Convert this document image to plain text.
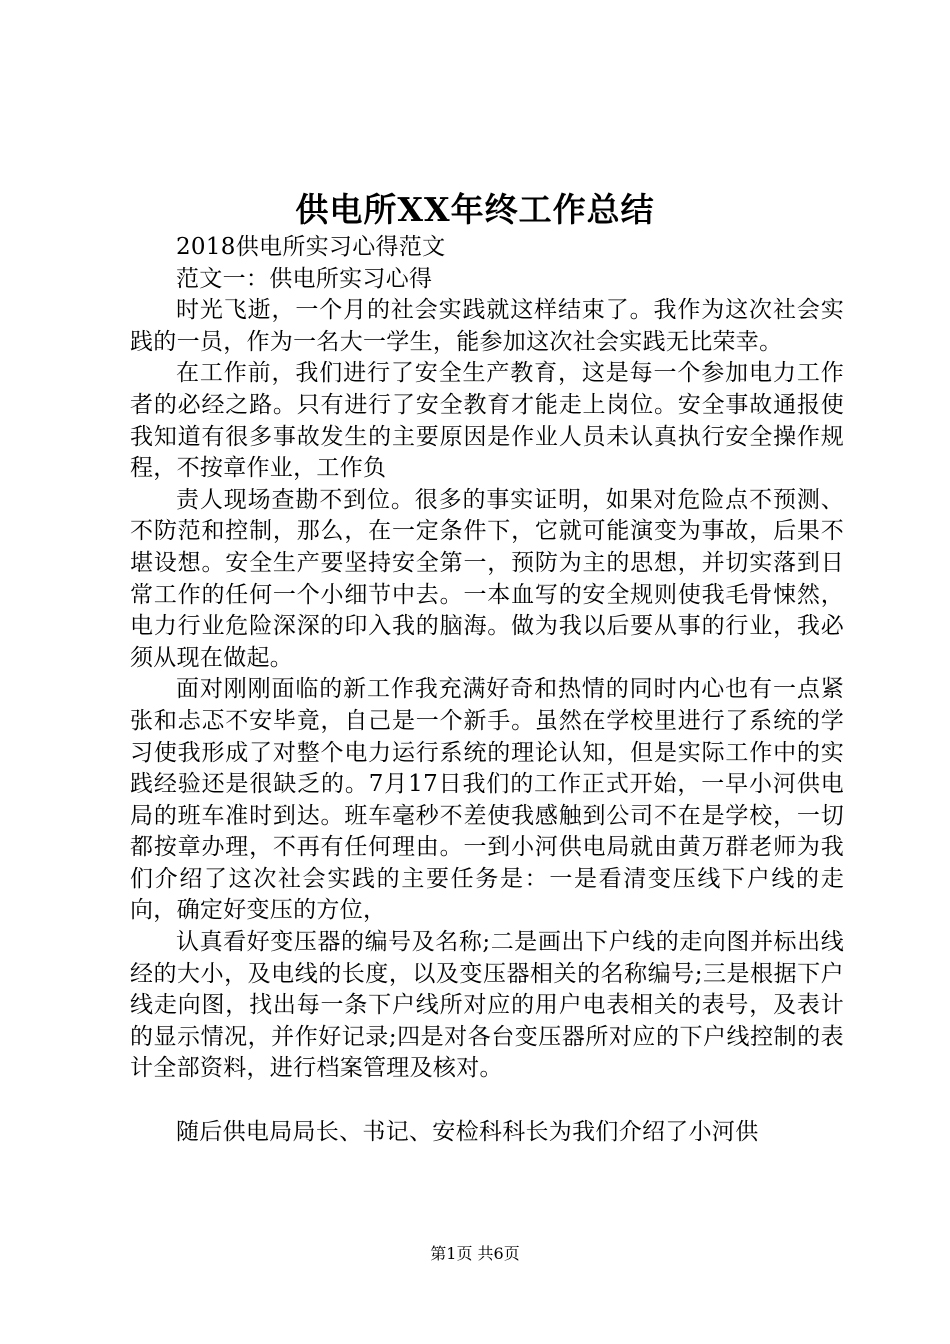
供电所XX年终工作总结

2018供电所实习心得范文

范文一：供电所实习心得

时光飞逝，一个月的社会实践就这样结束了。我作为这次社会实践的一员，作为一名大一学生，能参加这次社会实践无比荣幸。

在工作前，我们进行了安全生产教育，这是每一个参加电力工作者的必经之路。只有进行了安全教育才能走上岗位。安全事故通报使我知道有很多事故发生的主要原因是作业人员未认真执行安全操作规程，不按章作业，工作负

责人现场查勘不到位。很多的事实证明，如果对危险点不预测、不防范和控制，那么，在一定条件下，它就可能演变为事故，后果不堪设想。安全生产要坚持安全第一，预防为主的思想，并切实落到日常工作的任何一个小细节中去。一本血写的安全规则使我毛骨悚然，电力行业危险深深的印入我的脑海。做为我以后要从事的行业，我必须从现在做起。

面对刚刚面临的新工作我充满好奇和热情的同时内心也有一点紧张和忐忑不安毕竟，自己是一个新手。虽然在学校里进行了系统的学习使我形成了对整个电力运行系统的理论认知，但是实际工作中的实践经验还是很缺乏的。7月17日我们的工作正式开始，一早小河供电局的班车准时到达。班车毫秒不差使我感触到公司不在是学校，一切都按章办理，不再有任何理由。一到小河供电局就由黄万群老师为我们介绍了这次社会实践的主要任务是：一是看清变压线下户线的走向，确定好变压的方位，

认真看好变压器的编号及名称;二是画出下户线的走向图并标出线经的大小，及电线的长度，以及变压器相关的名称编号;三是根据下户线走向图，找出每一条下户线所对应的用户电表相关的表号，及表计的显示情况，并作好记录;四是对各台变压器所对应的下户线控制的表计全部资料，进行档案管理及核对。

随后供电局局长、书记、安检科科长为我们介绍了小河供

第1页 共6页
